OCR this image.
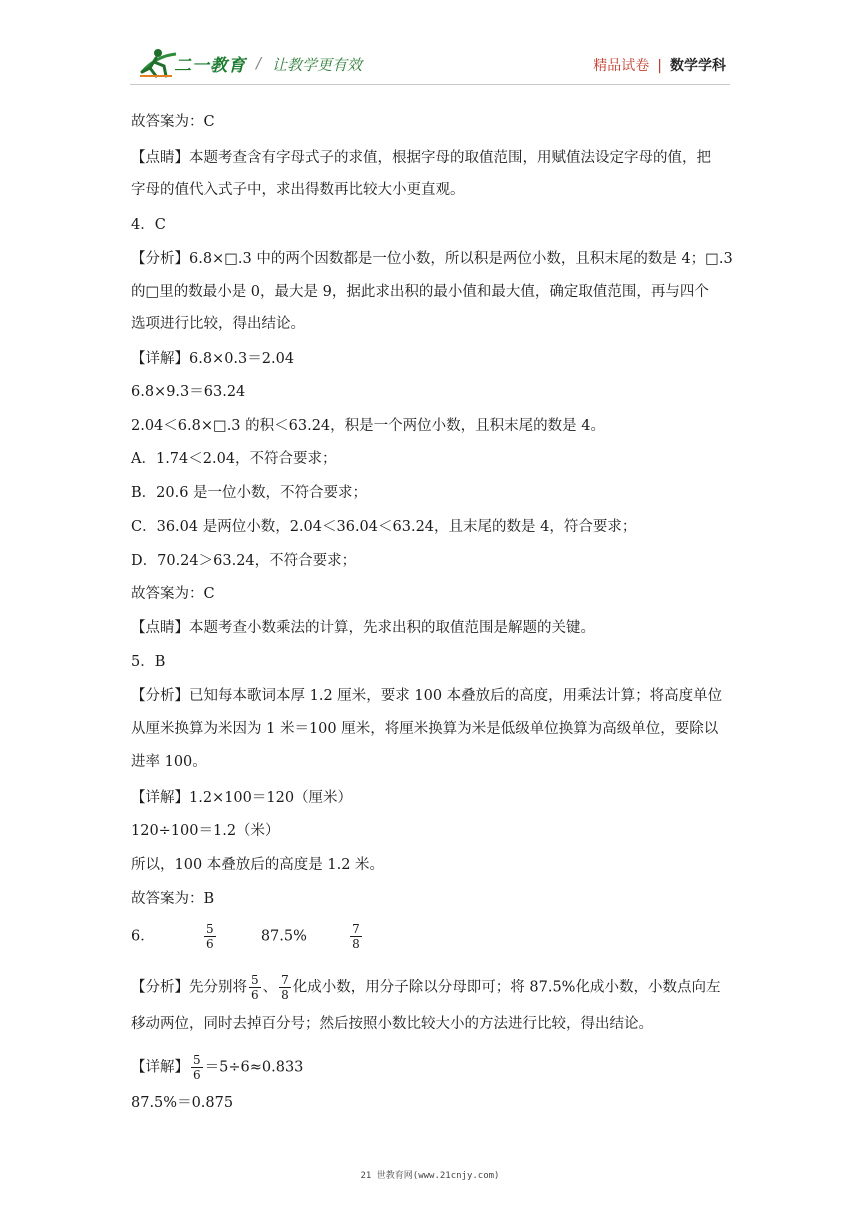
二一教育 / 让教学更有效	精品试卷 | 数学学科
故答案为：C
【点睛】本题考查含有字母式子的求值，根据字母的取值范围，用赋值法设定字母的值，把
字母的值代入式子中，求出得数再比较大小更直观。
4．C
【分析】6.8×□.3 中的两个因数都是一位小数，所以积是两位小数，且积末尾的数是 4；□.3
的□里的数最小是 0，最大是 9，据此求出积的最小值和最大值，确定取值范围，再与四个
选项进行比较，得出结论。
【详解】6.8×0.3＝2.04
6.8×9.3＝63.24
2.04＜6.8×□.3 的积＜63.24，积是一个两位小数，且积末尾的数是 4。
A．1.74＜2.04，不符合要求；
B．20.6 是一位小数，不符合要求；
C．36.04 是两位小数，2.04＜36.04＜63.24，且末尾的数是 4，符合要求；
D．70.24＞63.24，不符合要求；
故答案为：C
【点睛】本题考查小数乘法的计算，先求出积的取值范围是解题的关键。
5．B
【分析】已知每本歌词本厚 1.2 厘米，要求 100 本叠放后的高度，用乘法计算；将高度单位
从厘米换算为米因为 1 米＝100 厘米，将厘米换算为米是低级单位换算为高级单位，要除以
进率 100。
【详解】1.2×100＝120（厘米）
120÷100＝1.2（米）
所以，100 本叠放后的高度是 1.2 米。
故答案为：B
6．	$\frac{5}{6}$	87.5%	$\frac{7}{8}$
【分析】先分别将 $\frac{5}{6}$ 、 $\frac{7}{8}$ 化成小数，用分子除以分母即可；将 87.5%化成小数，小数点向左
移动两位，同时去掉百分号；然后按照小数比较大小的方法进行比较，得出结论。
【详解】 $\frac{5}{6} =5\div 6\approx 0.833$
87.5%＝0.875
21 世教育网(www.21cnjy.com)
